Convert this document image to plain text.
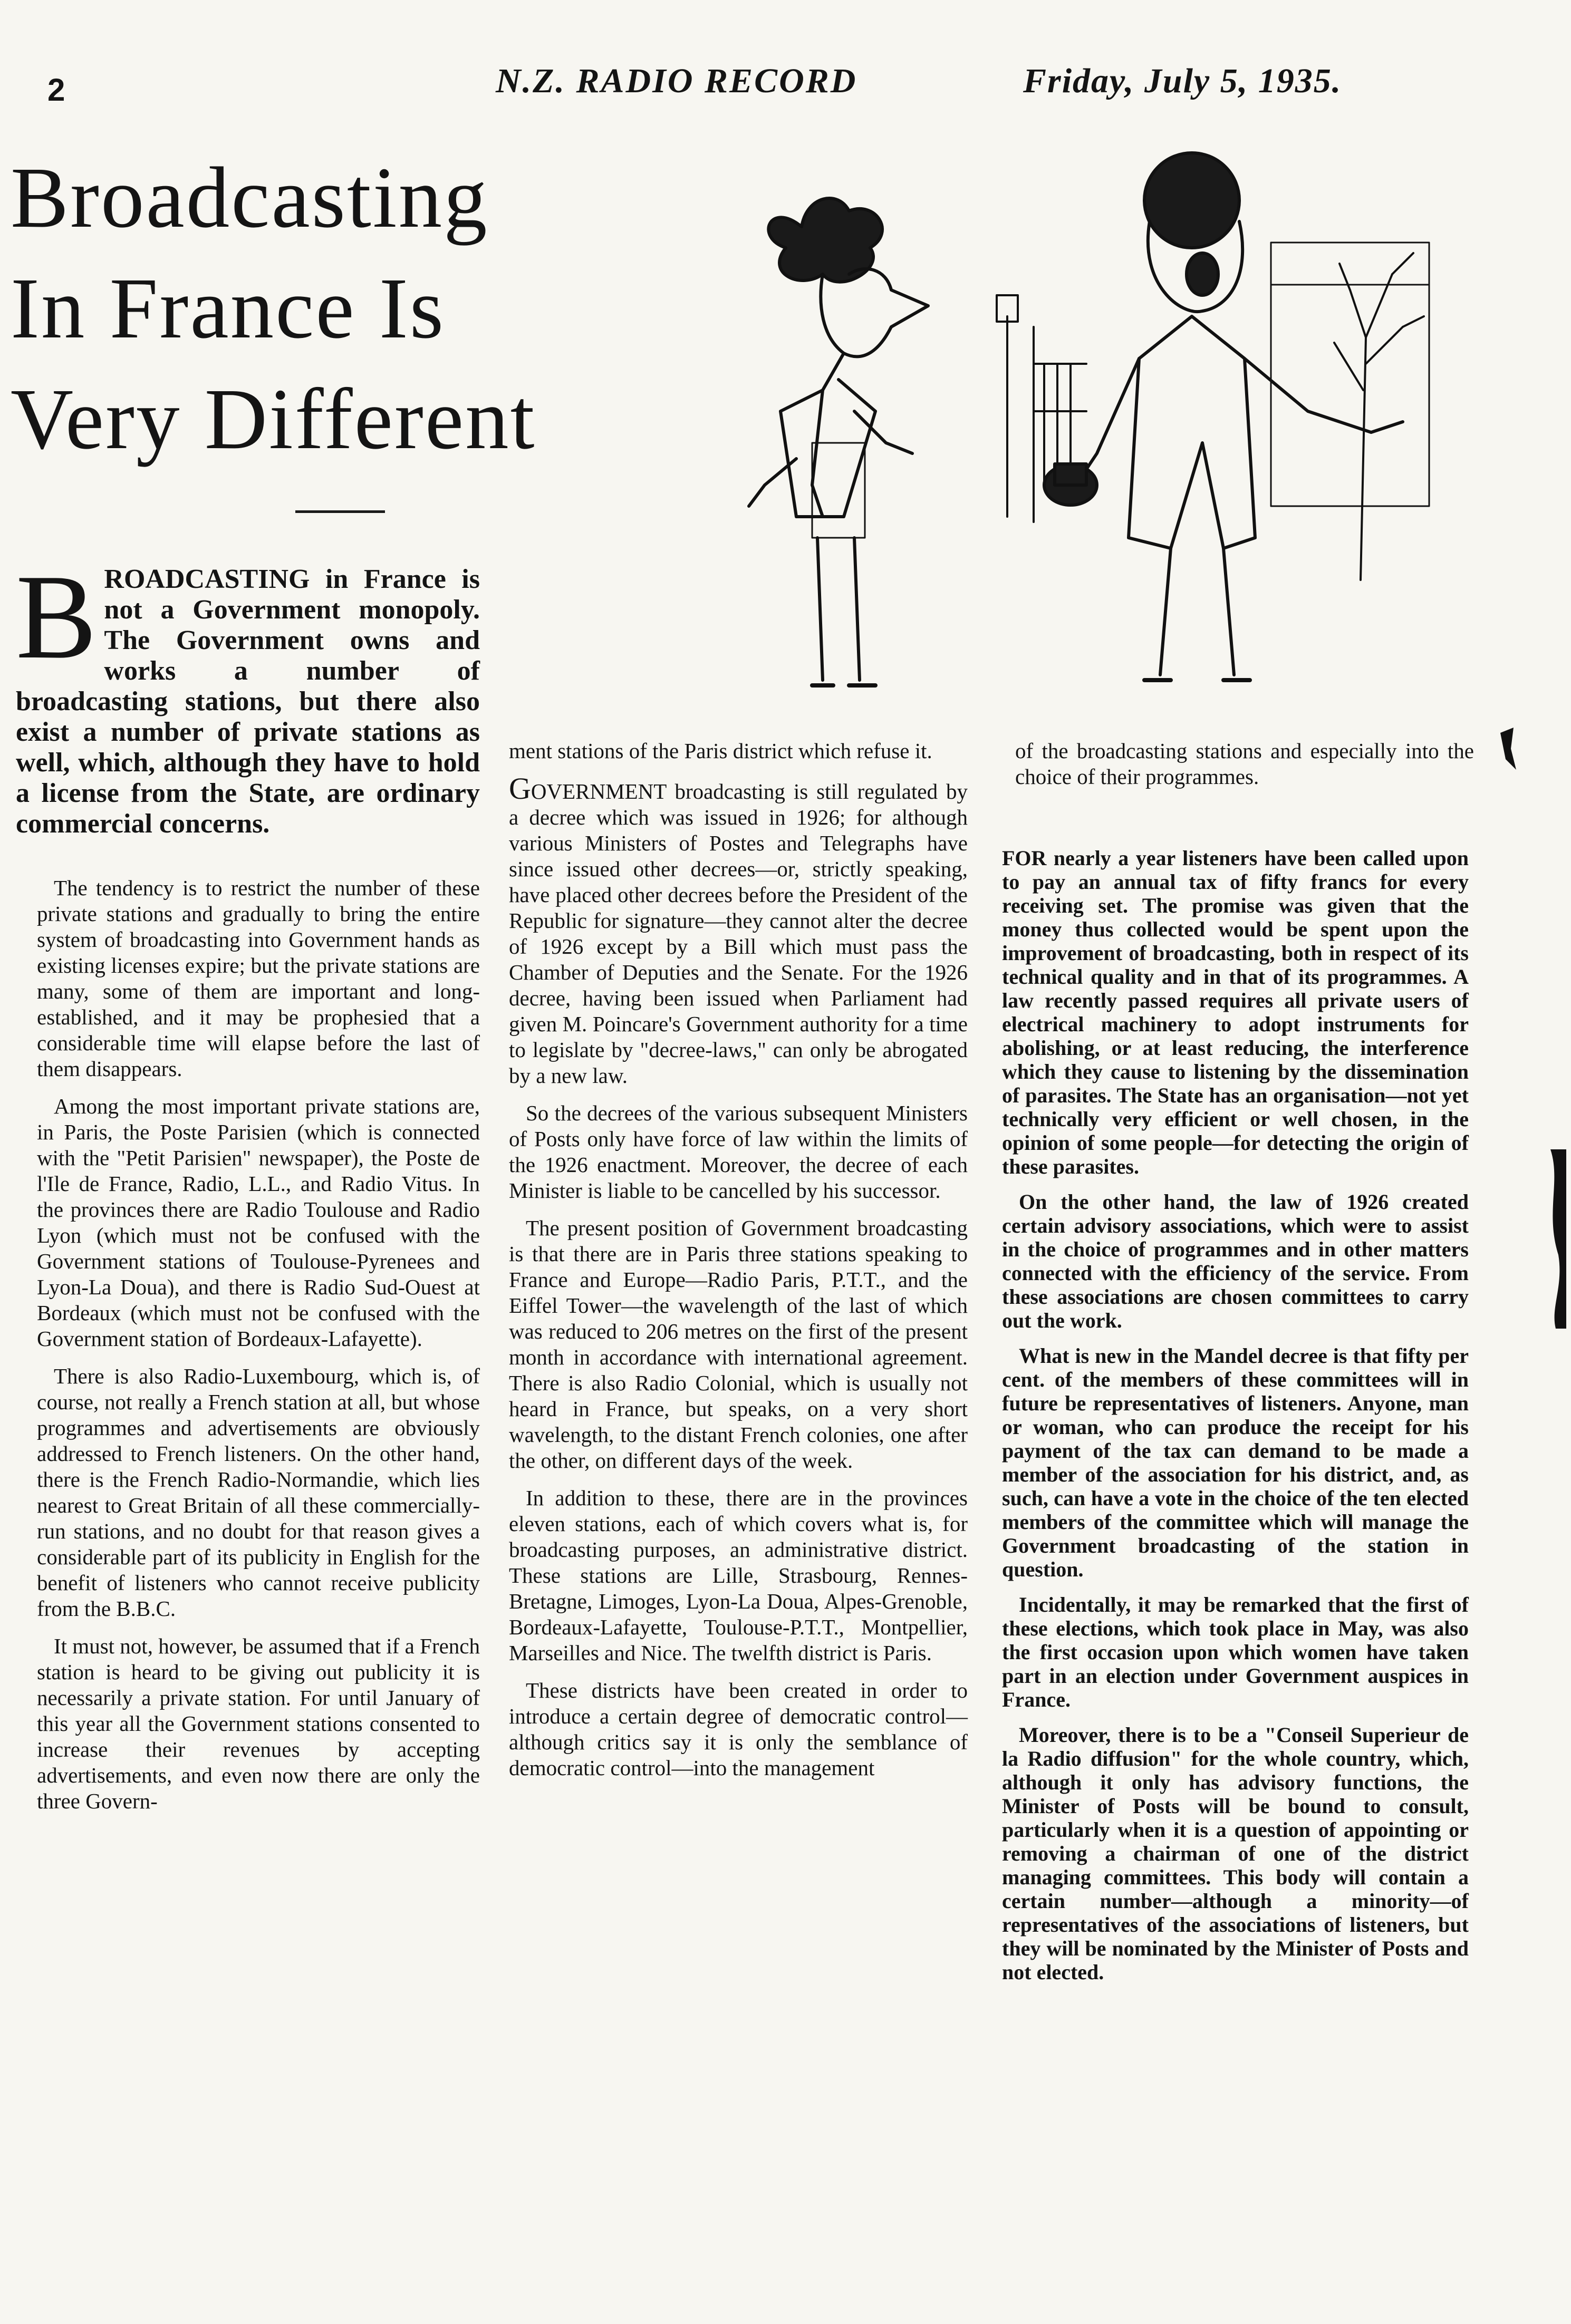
2	N.Z. RADIO RECORD	Friday, July 5, 1935.
Broadcasting
In France Is
Very Different
BROADCASTING in France is not a Government monopoly. The Government owns and works a number of broadcasting stations, but there also exist a number of private stations as well, which, although they have to hold a license from the State, are ordinary commercial concerns.

The tendency is to restrict the number of these private stations and gradually to bring the entire system of broadcasting into Government hands as existing licenses expire; but the private stations are many, some of them are important and long-established, and it may be prophesied that a considerable time will elapse before the last of them disappears.

Among the most important private stations are, in Paris, the Poste Parisien (which is connected with the "Petit Parisien" newspaper), the Poste de l'Ile de France, Radio, L.L., and Radio Vitus. In the provinces there are Radio Toulouse and Radio Lyon (which must not be confused with the Government stations of Toulouse-Pyrenees and Lyon-La Doua), and there is Radio Sud-Ouest at Bordeaux (which must not be confused with the Government station of Bordeaux-Lafayette).

There is also Radio-Luxembourg, which is, of course, not really a French station at all, but whose programmes and advertisements are obviously addressed to French listeners. On the other hand, there is the French Radio-Normandie, which lies nearest to Great Britain of all these commercially-run stations, and no doubt for that reason gives a considerable part of its publicity in English for the benefit of listeners who cannot receive publicity from the B.B.C.

It must not, however, be assumed that if a French station is heard to be giving out publicity it is necessarily a private station. For until January of this year all the Government stations consented to increase their revenues by accepting advertisements, and even now there are only the three Govern-

ment stations of the Paris district which refuse it.

GOVERNMENT broadcasting is still regulated by a decree which was issued in 1926; for although various Ministers of Postes and Telegraphs have since issued other decrees—or, strictly speaking, have placed other decrees before the President of the Republic for signature—they cannot alter the decree of 1926 except by a Bill which must pass the Chamber of Deputies and the Senate. For the 1926 decree, having been issued when Parliament had given M. Poincare's Government authority for a time to legislate by "decree-laws," can only be abrogated by a new law.

So the decrees of the various subsequent Ministers of Posts only have force of law within the limits of the 1926 enactment. Moreover, the decree of each Minister is liable to be cancelled by his successor.

The present position of Government broadcasting is that there are in Paris three stations speaking to France and Europe—Radio Paris, P.T.T., and the Eiffel Tower—the wavelength of the last of which was reduced to 206 metres on the first of the present month in accordance with international agreement. There is also Radio Colonial, which is usually not heard in France, but speaks, on a very short wavelength, to the distant French colonies, one after the other, on different days of the week.

In addition to these, there are in the provinces eleven stations, each of which covers what is, for broadcasting purposes, an administrative district. These stations are Lille, Strasbourg, Rennes-Bretagne, Limoges, Lyon-La Doua, Alpes-Grenoble, Bordeaux-Lafayette, Toulouse-P.T.T., Montpellier, Marseilles and Nice. The twelfth district is Paris.

These districts have been created in order to introduce a certain degree of democratic control—although critics say it is only the semblance of democratic control—into the management

of the broadcasting stations and especially into the choice of their programmes.

FOR nearly a year listeners have been called upon to pay an annual tax of fifty francs for every receiving set. The promise was given that the money thus collected would be spent upon the improvement of broadcasting, both in respect of its technical quality and in that of its programmes. A law recently passed requires all private users of electrical machinery to adopt instruments for abolishing, or at least reducing, the interference which they cause to listening by the dissemination of parasites. The State has an organisation—not yet technically very efficient or well chosen, in the opinion of some people—for detecting the origin of these parasites.

On the other hand, the law of 1926 created certain advisory associations, which were to assist in the choice of programmes and in other matters connected with the efficiency of the service. From these associations are chosen committees to carry out the work.

What is new in the Mandel decree is that fifty per cent. of the members of these committees will in future be representatives of listeners. Anyone, man or woman, who can produce the receipt for his payment of the tax can demand to be made a member of the association for his district, and, as such, can have a vote in the choice of the ten elected members of the committee which will manage the Government broadcasting of the station in question.

Incidentally, it may be remarked that the first of these elections, which took place in May, was also the first occasion upon which women have taken part in an election under Government auspices in France.

Moreover, there is to be a "Conseil Superieur de la Radio diffusion" for the whole country, which, although it only has advisory functions, the Minister of Posts will be bound to consult, particularly when it is a question of appointing or removing a chairman of one of the district managing committees. This body will contain a certain number—although a minority—of representatives of the associations of listeners, but they will be nominated by the Minister of Posts and not elected.
